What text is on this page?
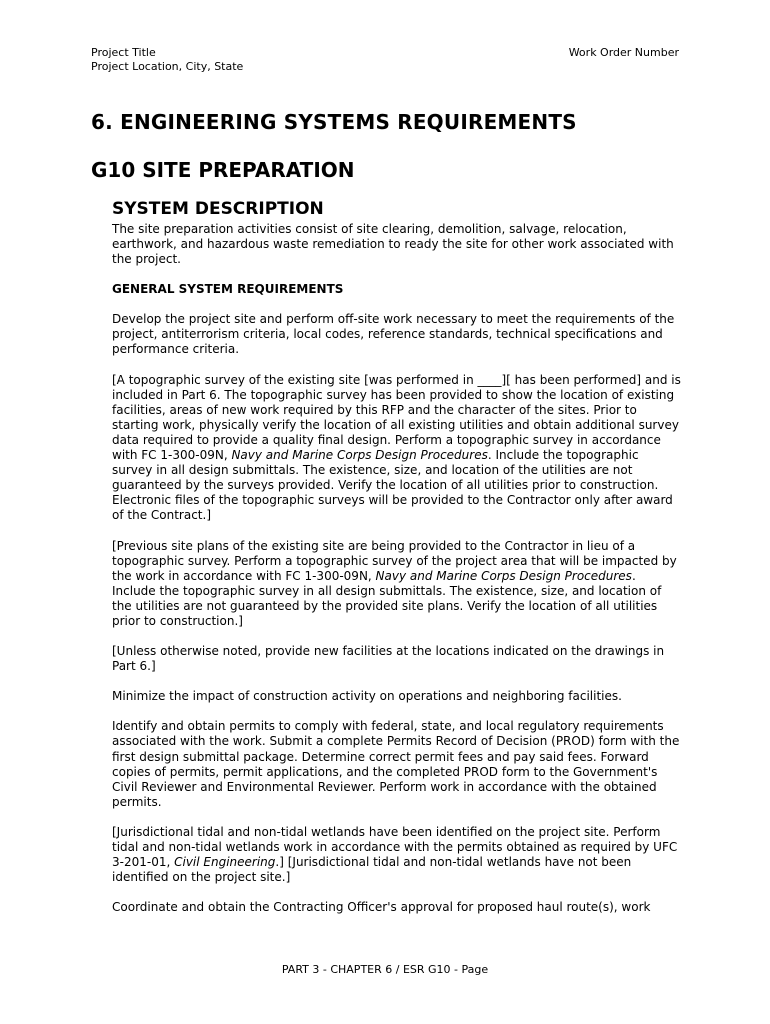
Project Title
Project Location, City, State
Work Order Number
6. ENGINEERING SYSTEMS REQUIREMENTS
G10 SITE PREPARATION
SYSTEM DESCRIPTION
The site preparation activities consist of site clearing, demolition, salvage, relocation, earthwork, and hazardous waste remediation to ready the site for other work associated with the project.
GENERAL SYSTEM REQUIREMENTS
Develop the project site and perform off-site work necessary to meet the requirements of the project, antiterrorism criteria, local codes, reference standards, technical specifications and performance criteria.
[A topographic survey of the existing site [was performed in ____][ has been performed] and is included in Part 6. The topographic survey has been provided to show the location of existing facilities, areas of new work required by this RFP and the character of the sites. Prior to starting work, physically verify the location of all existing utilities and obtain additional survey data required to provide a quality final design. Perform a topographic survey in accordance with FC 1-300-09N, Navy and Marine Corps Design Procedures. Include the topographic survey in all design submittals. The existence, size, and location of the utilities are not guaranteed by the surveys provided. Verify the location of all utilities prior to construction. Electronic files of the topographic surveys will be provided to the Contractor only after award of the Contract.]
[Previous site plans of the existing site are being provided to the Contractor in lieu of a topographic survey. Perform a topographic survey of the project area that will be impacted by the work in accordance with FC 1-300-09N, Navy and Marine Corps Design Procedures. Include the topographic survey in all design submittals. The existence, size, and location of the utilities are not guaranteed by the provided site plans. Verify the location of all utilities prior to construction.]
[Unless otherwise noted, provide new facilities at the locations indicated on the drawings in Part 6.]
Minimize the impact of construction activity on operations and neighboring facilities.
Identify and obtain permits to comply with federal, state, and local regulatory requirements associated with the work. Submit a complete Permits Record of Decision (PROD) form with the first design submittal package. Determine correct permit fees and pay said fees. Forward copies of permits, permit applications, and the completed PROD form to the Government's Civil Reviewer and Environmental Reviewer. Perform work in accordance with the obtained permits.
[Jurisdictional tidal and non-tidal wetlands have been identified on the project site. Perform tidal and non-tidal wetlands work in accordance with the permits obtained as required by UFC 3-201-01, Civil Engineering.] [Jurisdictional tidal and non-tidal wetlands have not been identified on the project site.]
Coordinate and obtain the Contracting Officer's approval for proposed haul route(s), work
PART 3 - CHAPTER 6 / ESR G10 - Page
